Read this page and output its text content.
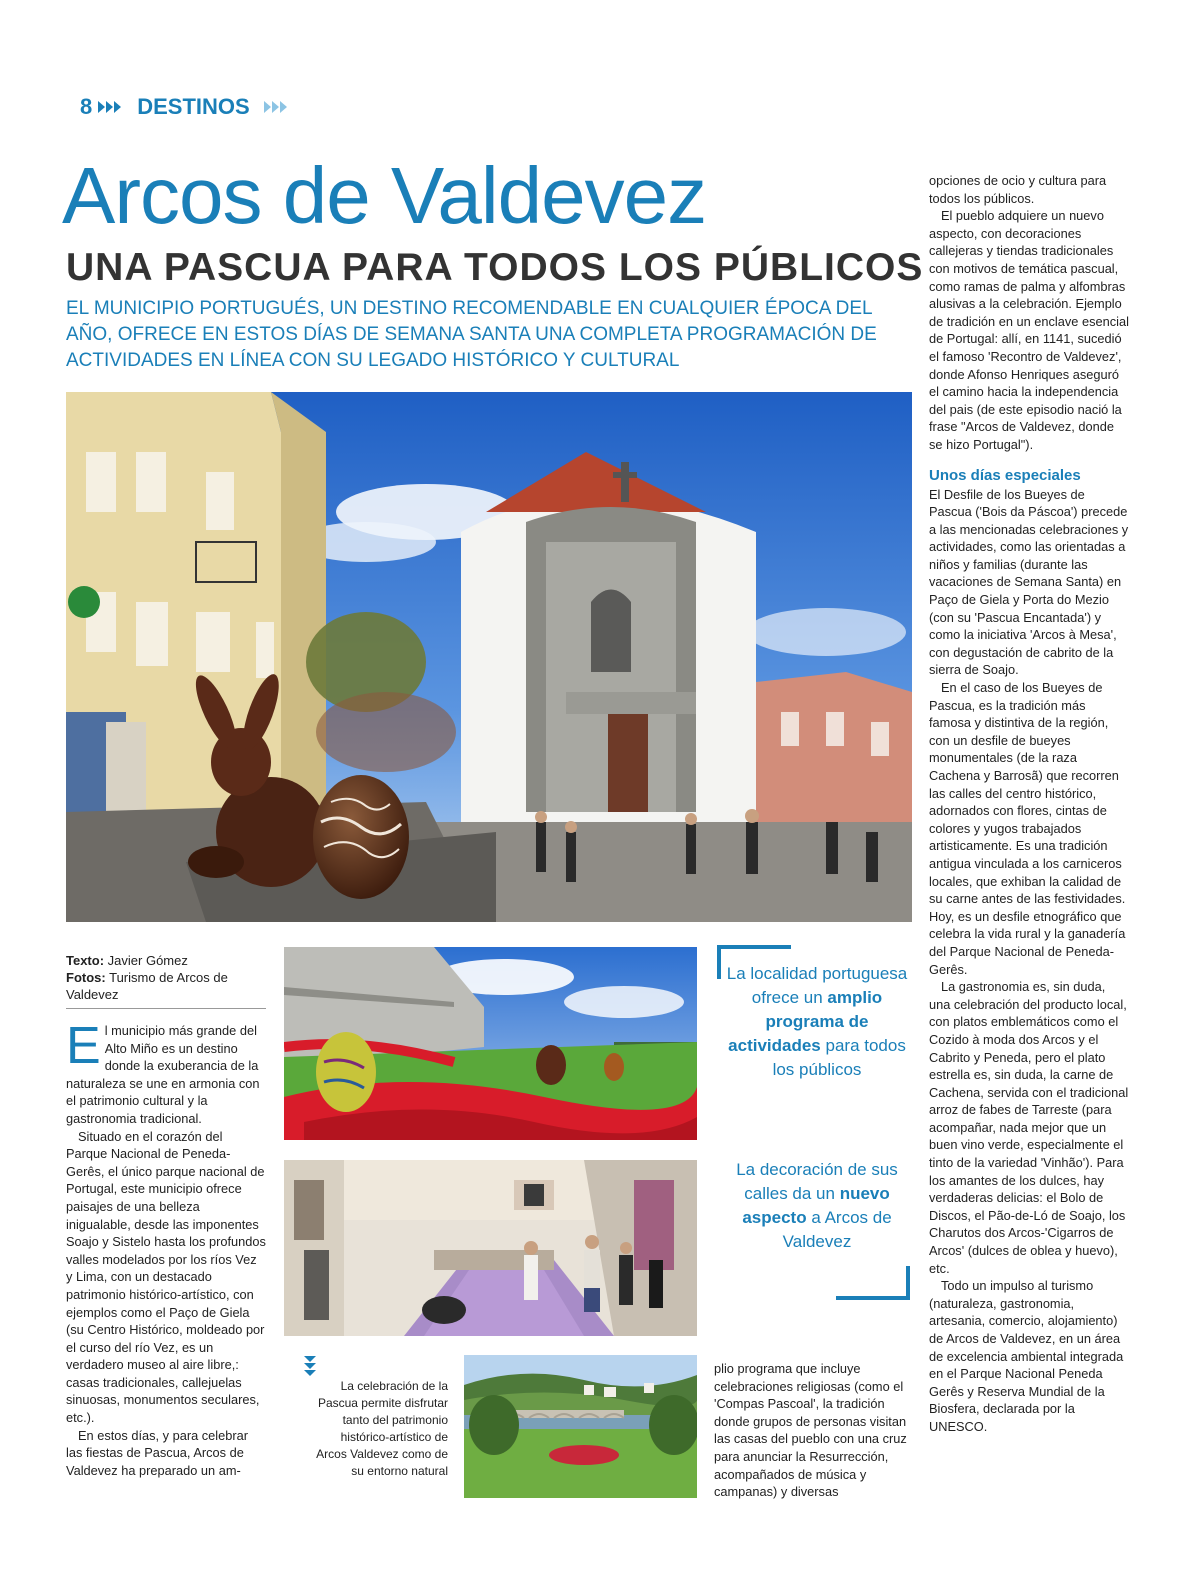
8 DESTINOS
Arcos de Valdevez
UNA PASCUA PARA TODOS LOS PÚBLICOS

EL MUNICIPIO PORTUGUÉS, UN DESTINO RECOMENDABLE EN CUALQUIER ÉPOCA DEL AÑO, OFRECE EN ESTOS DÍAS DE SEMANA SANTA UNA COMPLETA PROGRAMACIÓN DE ACTIVIDADES EN LÍNEA CON SU LEGADO HISTÓRICO Y CULTURAL

Texto: Javier Gómez
Fotos: Turismo de Arcos de Valdevez

El municipio más grande del Alto Miño es un destino donde la exuberancia de la naturaleza se une en armonia con el patrimonio cultural y la gastronomia tradicional.

Situado en el corazón del Parque Nacional de Peneda-Gerês, el único parque nacional de Portugal, este municipio ofrece paisajes de una belleza inigualable, desde las imponentes Soajo y Sistelo hasta los profundos valles modelados por los ríos Vez y Lima, con un destacado patrimonio histórico-artístico, con ejemplos como el Paço de Giela (su Centro Histórico, moldeado por el curso del río Vez, es un verdadero museo al aire libre,: casas tradicionales, callejuelas sinuosas, monumentos seculares, etc.).

En estos días, y para celebrar las fiestas de Pascua, Arcos de Valdevez ha preparado un am-

La localidad portuguesa ofrece un amplio programa de actividades para todos los públicos
La decoración de sus calles da un nuevo aspecto a Arcos de Valdevez

La celebración de la Pascua permite disfrutar tanto del patrimonio histórico-artístico de Arcos Valdevez como de su entorno natural

plio programa que incluye celebraciones religiosas (como el 'Compas Pascoal', la tradición donde grupos de personas visitan las casas del pueblo con una cruz para anunciar la Resurrección, acompañados de música y campanas) y diversas

opciones de ocio y cultura para todos los públicos.

El pueblo adquiere un nuevo aspecto, con decoraciones callejeras y tiendas tradicionales con motivos de temática pascual, como ramas de palma y alfombras alusivas a la celebración. Ejemplo de tradición en un enclave esencial de Portugal: allí, en 1141, sucedió el famoso 'Recontro de Valdevez', donde Afonso Henriques aseguró el camino hacia la independencia del pais (de este episodio nació la frase "Arcos de Valdevez, donde se hizo Portugal").

Unos días especiales

El Desfile de los Bueyes de Pascua ('Bois da Páscoa') precede a las mencionadas celebraciones y actividades, como las orientadas a niños y familias (durante las vacaciones de Semana Santa) en Paço de Giela y Porta do Mezio (con su 'Pascua Encantada') y como la iniciativa 'Arcos à Mesa', con degustación de cabrito de la sierra de Soajo.

En el caso de los Bueyes de Pascua, es la tradición más famosa y distintiva de la región, con un desfile de bueyes monumentales (de la raza Cachena y Barrosã) que recorren las calles del centro histórico, adornados con flores, cintas de colores y yugos trabajados artisticamente. Es una tradición antigua vinculada a los carniceros locales, que exhiban la calidad de su carne antes de las festividades. Hoy, es un desfile etnográfico que celebra la vida rural y la ganadería del Parque Nacional de Peneda-Gerês.

La gastronomia es, sin duda, una celebración del producto local, con platos emblemáticos como el Cozido à moda dos Arcos y el Cabrito y Peneda, pero el plato estrella es, sin duda, la carne de Cachena, servida con el tradicional arroz de fabes de Tarreste (para acompañar, nada mejor que un buen vino verde, especialmente el tinto de la variedad 'Vinhão'). Para los amantes de los dulces, hay verdaderas delicias: el Bolo de Discos, el Pão-de-Ló de Soajo, los Charutos dos Arcos-'Cigarros de Arcos' (dulces de oblea y huevo), etc.

Todo un impulso al turismo (naturaleza, gastronomia, artesania, comercio, alojamiento) de Arcos de Valdevez, en un área de excelencia ambiental integrada en el Parque Nacional Peneda Gerês y Reserva Mundial de la Biosfera, declarada por la UNESCO.
